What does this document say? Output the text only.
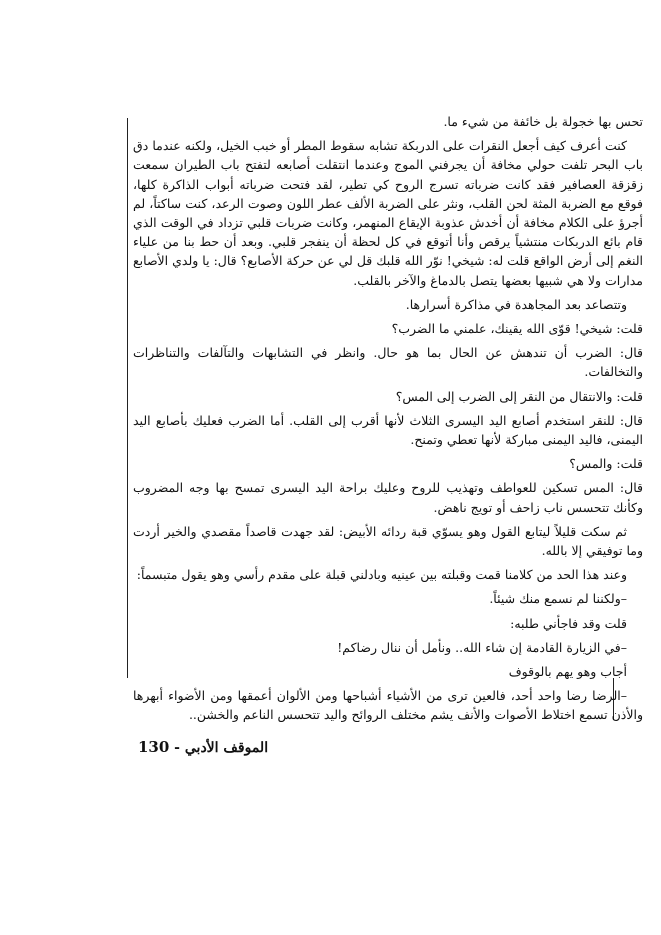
تحس بها خجولة بل خائفة من شيء ما.

كنت أعرف كيف أجعل النقرات على الدربكة تشابه سقوط المطر أو خبب الخيل، ولكنه عندما دق باب البحر تلفت حولي مخافة أن يجرفني الموج وعندما انتقلت أصابعه لتفتح باب الطيران سمعت زقزقة العصافير فقد كانت ضرباته تسرج الروح كي تطير، لقد فتحت ضرباته أبواب الذاكرة كلها، فوقع مع الضربة المثة لحن القلب، ونثر على الضربة الألف عطر اللون وصوت الرعد، كنت ساكتاً، لم أجرؤ على الكلام مخافة أن أخدش عذوبة الإيقاع المنهمر، وكانت ضربات قلبي تزداد في الوقت الذي قام بائع الدربكات منتشياً يرقص وأنا أتوقع في كل لحظة أن ينفجر قلبي. وبعد أن حط بنا من علياء النغم إلى أرض الواقع قلت له: شيخي! نوّر الله قلبك قل لي عن حركة الأصابع؟ قال: يا ولدي الأصابع مدارات ولا هي شبيها بعضها يتصل بالدماغ والآخر بالقلب.

وتتصاعد بعد المجاهدة في مذاكرة أسرارها.

قلت: شيخي! قوّى الله يقينك، علمني ما الضرب؟

قال: الضرب أن تندهش عن الحال بما هو حال. وانظر في التشابهات والتآلفات والتناظرات والتخالفات.

قلت: والانتقال من النقر إلى الضرب إلى المس؟

قال: للنقر استخدم أصابع اليد اليسرى الثلاث لأنها أقرب إلى القلب. أما الضرب فعليك بأصابع اليد اليمنى، فاليد اليمنى مباركة لأنها تعطي وتمنح.

قلت: والمس؟

قال: المس تسكين للعواطف وتهذيب للروح وعليك براحة اليد اليسرى تمسح بها وجه المضروب وكأنك تتحسس ناب زاحف أو تويج ناهض.

ثم سكت قليلاً ليتابع القول وهو يسوّي قبة ردائه الأبيض: لقد جهدت قاصداً مقصدي والخير أردت وما توفيقي إلا بالله.

وعند هذا الحد من كلامنا قمت وقبلته بين عينيه وبادلني قبلة على مقدم رأسي وهو يقول متبسماً:

–ولكننا لم نسمع منك شيئاً.

قلت وقد فاجأني طلبه:

–في الزيارة القادمة إن شاء الله.. ونأمل أن ننال رضاكم!

أجاب وهو يهم بالوقوف

–الرضا رضا واحد أحد، فالعين ترى من الأشياء أشباحها ومن الألوان أعمقها ومن الأضواء أبهرها والأذن تسمع اختلاط الأصوات والأنف يشم مختلف الروائح واليد تتحسس الناعم والخشن..

الموقف الأدبي - 130
